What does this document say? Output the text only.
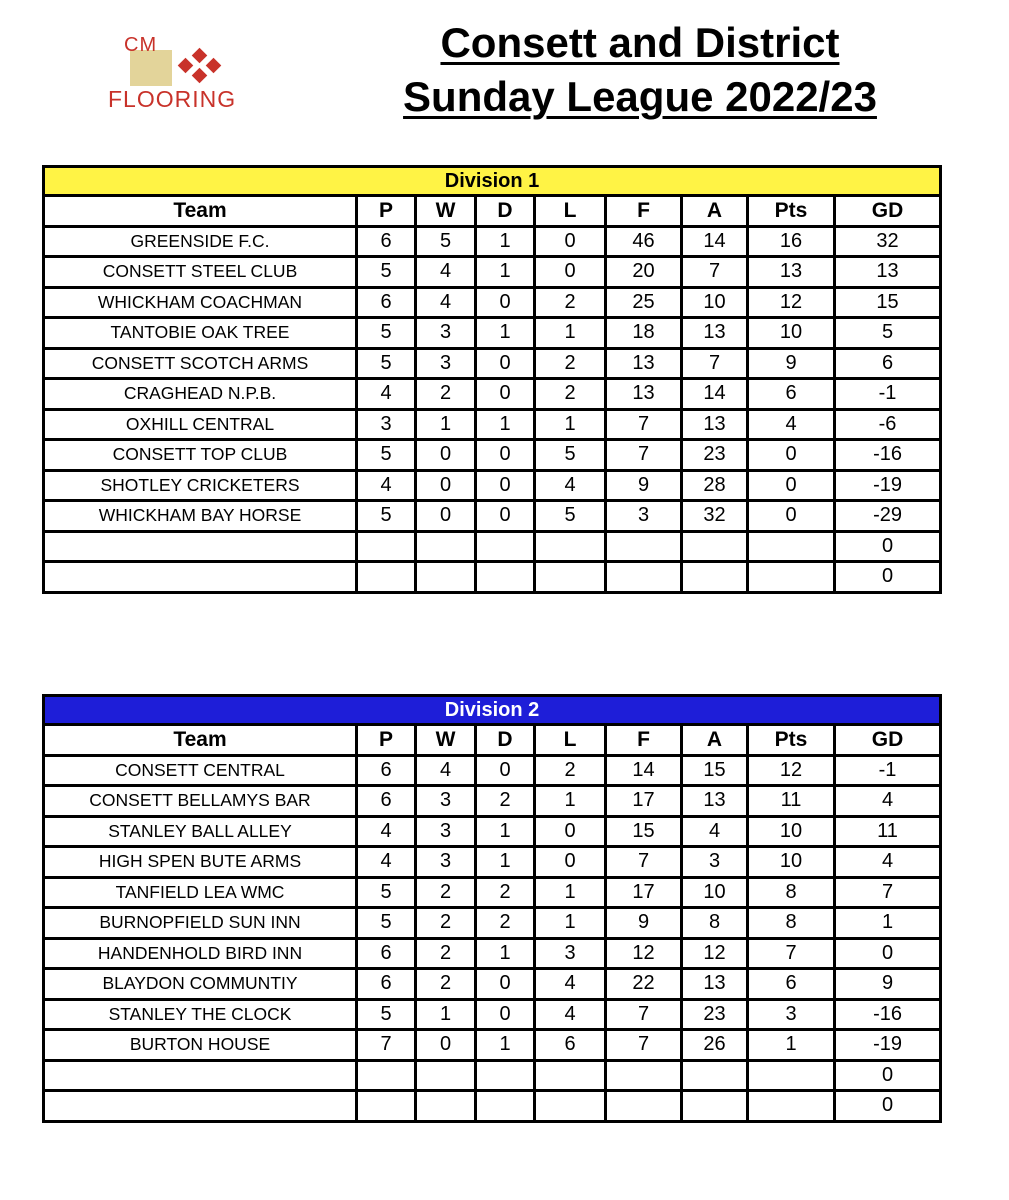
CM
FLOORING
Consett and District
Sunday League 2022/23
Division 1								
Team	P	W	D	L	F	A	Pts	GD
GREENSIDE F.C.	6	5	1	0	46	14	16	32
CONSETT STEEL CLUB	5	4	1	0	20	7	13	13
WHICKHAM COACHMAN	6	4	0	2	25	10	12	15
TANTOBIE OAK TREE	5	3	1	1	18	13	10	5
CONSETT SCOTCH ARMS	5	3	0	2	13	7	9	6
CRAGHEAD N.P.B.	4	2	0	2	13	14	6	-1
OXHILL CENTRAL	3	1	1	1	7	13	4	-6
CONSETT TOP CLUB	5	0	0	5	7	23	0	-16
SHOTLEY CRICKETERS	4	0	0	4	9	28	0	-19
WHICKHAM BAY HORSE	5	0	0	5	3	32	0	-29
								0
								0
Division 2								
Team	P	W	D	L	F	A	Pts	GD
CONSETT CENTRAL	6	4	0	2	14	15	12	-1
CONSETT BELLAMYS BAR	6	3	2	1	17	13	11	4
STANLEY BALL ALLEY	4	3	1	0	15	4	10	11
HIGH SPEN BUTE ARMS	4	3	1	0	7	3	10	4
TANFIELD LEA WMC	5	2	2	1	17	10	8	7
BURNOPFIELD SUN INN	5	2	2	1	9	8	8	1
HANDENHOLD BIRD INN	6	2	1	3	12	12	7	0
BLAYDON COMMUNTIY	6	2	0	4	22	13	6	9
STANLEY THE CLOCK	5	1	0	4	7	23	3	-16
BURTON HOUSE	7	0	1	6	7	26	1	-19
								0
								0
